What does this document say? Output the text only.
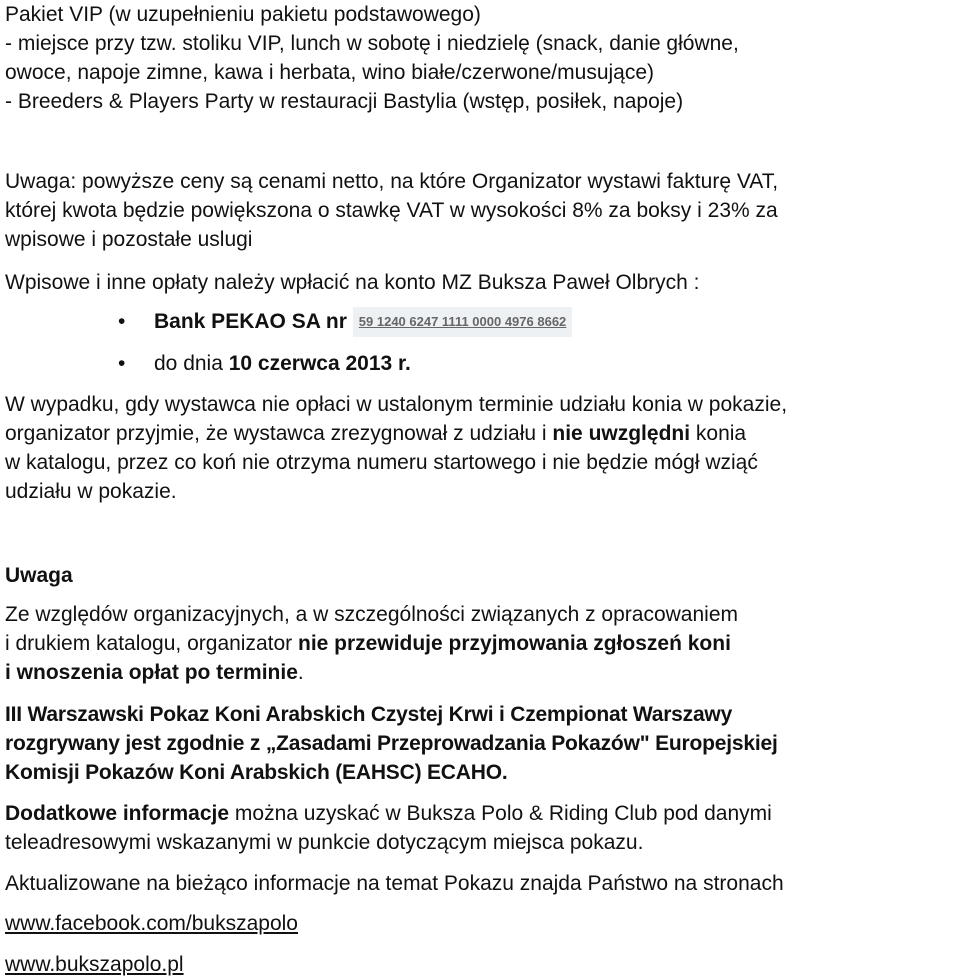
Pakiet VIP (w uzupełnieniu pakietu podstawowego)
- miejsce przy tzw. stoliku VIP, lunch w sobotę i niedzielę (snack, danie główne,
owoce, napoje zimne, kawa i herbata, wino białe/czerwone/musujące)
- Breeders & Players Party w restauracji Bastylia (wstęp, posiłek, napoje)
Uwaga: powyższe ceny są cenami netto, na które Organizator wystawi fakturę VAT,
której kwota będzie powiększona o stawkę VAT w wysokości 8% za boksy i 23% za
wpisowe i pozostałe uslugi
Wpisowe i inne opłaty należy wpłacić na konto MZ Buksza Paweł Olbrych :
• Bank PEKAO SA nr 59 1240 6247 1111 0000 4976 8662
• do dnia 10 czerwca 2013 r.
W wypadku, gdy wystawca nie opłaci w ustalonym terminie udziału konia w pokazie,
organizator przyjmie, że wystawca zrezygnował z udziału i nie uwzględni konia
w katalogu, przez co koń nie otrzyma numeru startowego i nie będzie mógł wziąć
udziału w pokazie.
Uwaga
Ze względów organizacyjnych, a w szczególności związanych z opracowaniem
i drukiem katalogu, organizator nie przewiduje przyjmowania zgłoszeń koni
i wnoszenia opłat po terminie.
III Warszawski Pokaz Koni Arabskich Czystej Krwi i Czempionat Warszawy
rozgrywany jest zgodnie z „Zasadami Przeprowadzania Pokazów" Europejskiej
Komisji Pokazów Koni Arabskich (EAHSC) ECAHO.
Dodatkowe informacje można uzyskać w Buksza Polo & Riding Club pod danymi
teleadresowymi wskazanymi w punkcie dotyczącym miejsca pokazu.
Aktualizowane na bieżąco informacje na temat Pokazu znajda Państwo na stronach
www.facebook.com/bukszapolo
www.bukszapolo.pl
